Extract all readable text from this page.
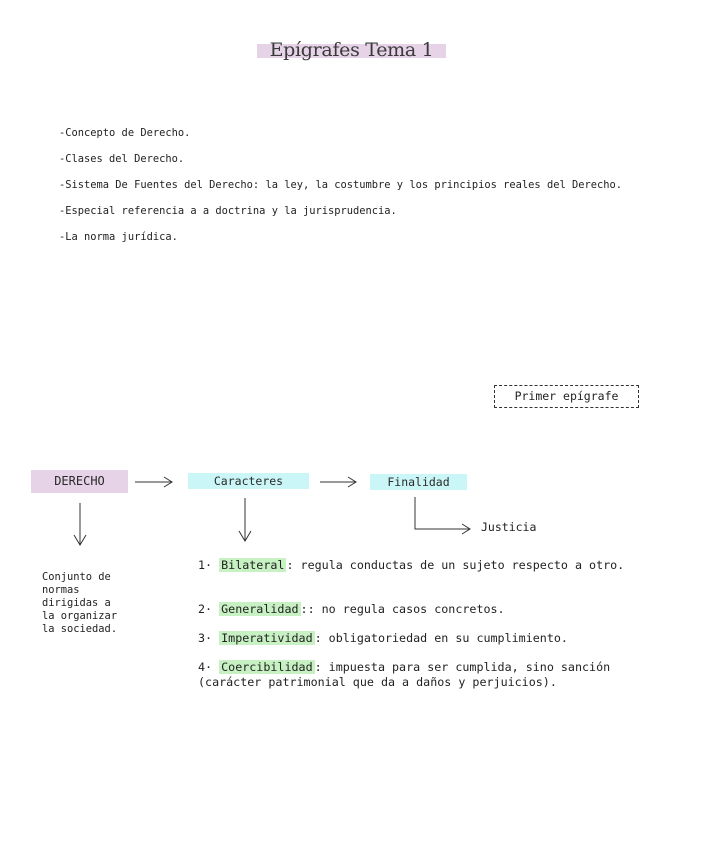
Epígrafes Tema 1
-Concepto de Derecho.
-Clases del Derecho.
-Sistema De Fuentes del Derecho: la ley, la costumbre y los principios reales del Derecho.
-Especial referencia a a doctrina y la jurisprudencia.
-La norma jurídica.
Primer epígrafe
DERECHO	Caracteres	Finalidad
Justicia
Conjunto de
normas
dirigidas a
la organizar
la sociedad.
1· Bilateral : regula conductas de un sujeto respecto a otro.
2· Generalidad :: no regula casos concretos.
3· Imperatividad : obligatoriedad en su cumplimiento.
4· Coercibilidad : impuesta para ser cumplida, sino sanción (carácter patrimonial que da a daños y perjuicios).
